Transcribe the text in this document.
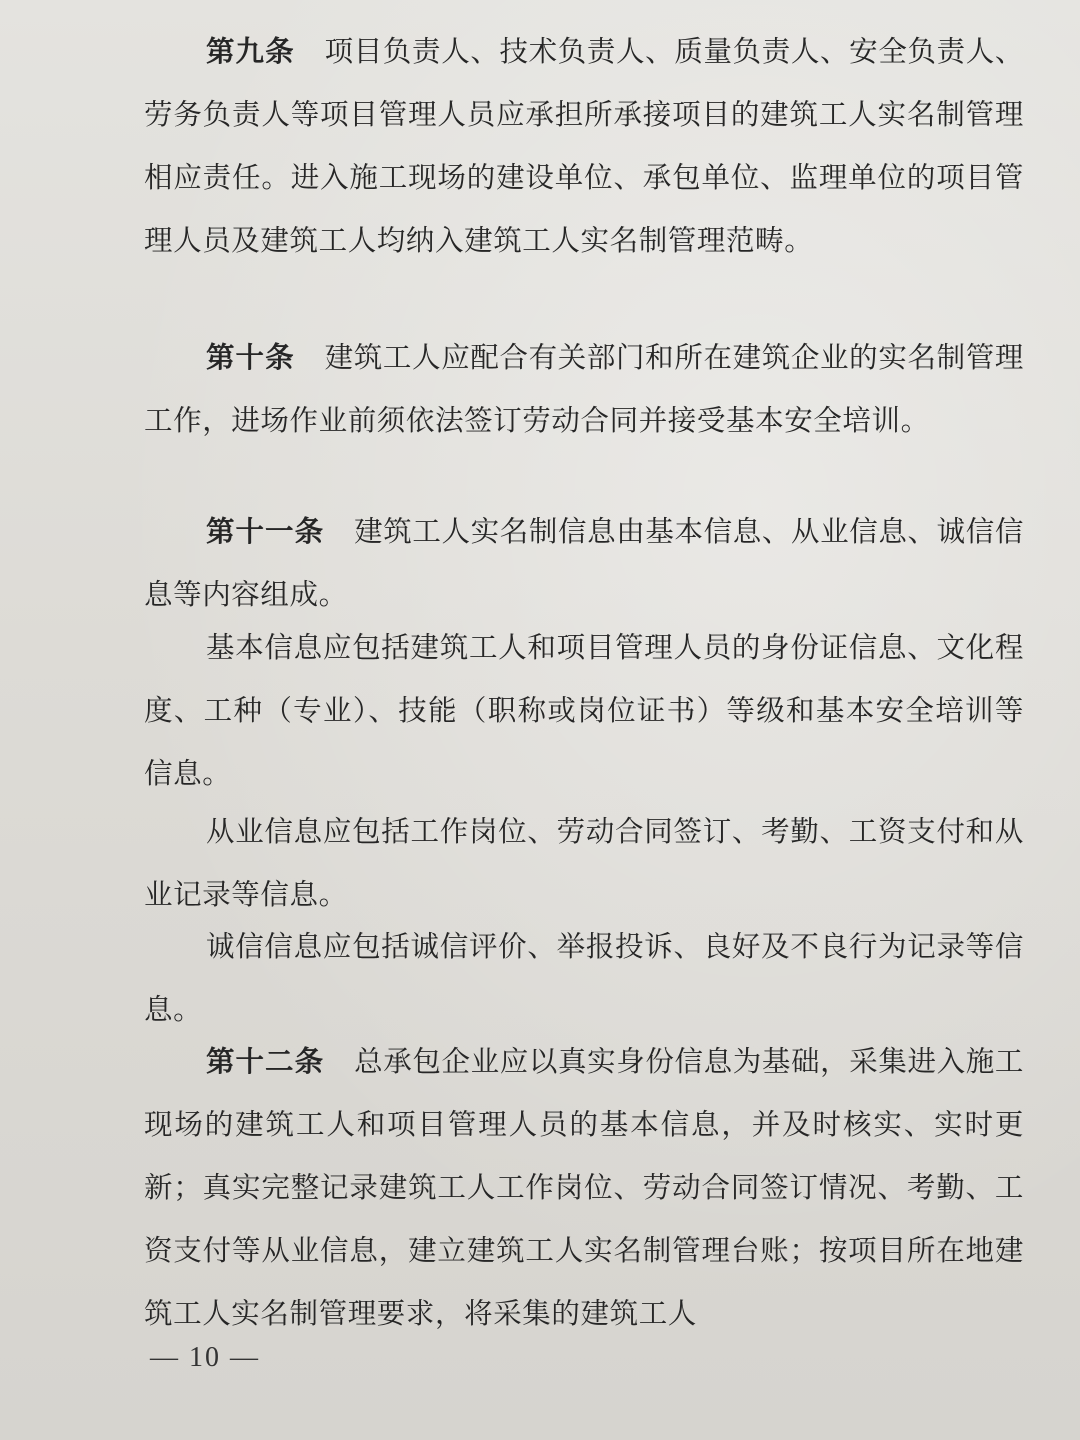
第九条 项目负责人、技术负责人、质量负责人、安全负责人、劳务负责人等项目管理人员应承担所承接项目的建筑工人实名制管理相应责任。进入施工现场的建设单位、承包单位、监理单位的项目管理人员及建筑工人均纳入建筑工人实名制管理范畴。

第十条 建筑工人应配合有关部门和所在建筑企业的实名制管理工作，进场作业前须依法签订劳动合同并接受基本安全培训。

第十一条 建筑工人实名制信息由基本信息、从业信息、诚信信息等内容组成。

基本信息应包括建筑工人和项目管理人员的身份证信息、文化程度、工种（专业）、技能（职称或岗位证书）等级和基本安全培训等信息。

从业信息应包括工作岗位、劳动合同签订、考勤、工资支付和从业记录等信息。

诚信信息应包括诚信评价、举报投诉、良好及不良行为记录等信息。

第十二条 总承包企业应以真实身份信息为基础，采集进入施工现场的建筑工人和项目管理人员的基本信息，并及时核实、实时更新；真实完整记录建筑工人工作岗位、劳动合同签订情况、考勤、工资支付等从业信息，建立建筑工人实名制管理台账；按项目所在地建筑工人实名制管理要求，将采集的建筑工人

— 10 —
